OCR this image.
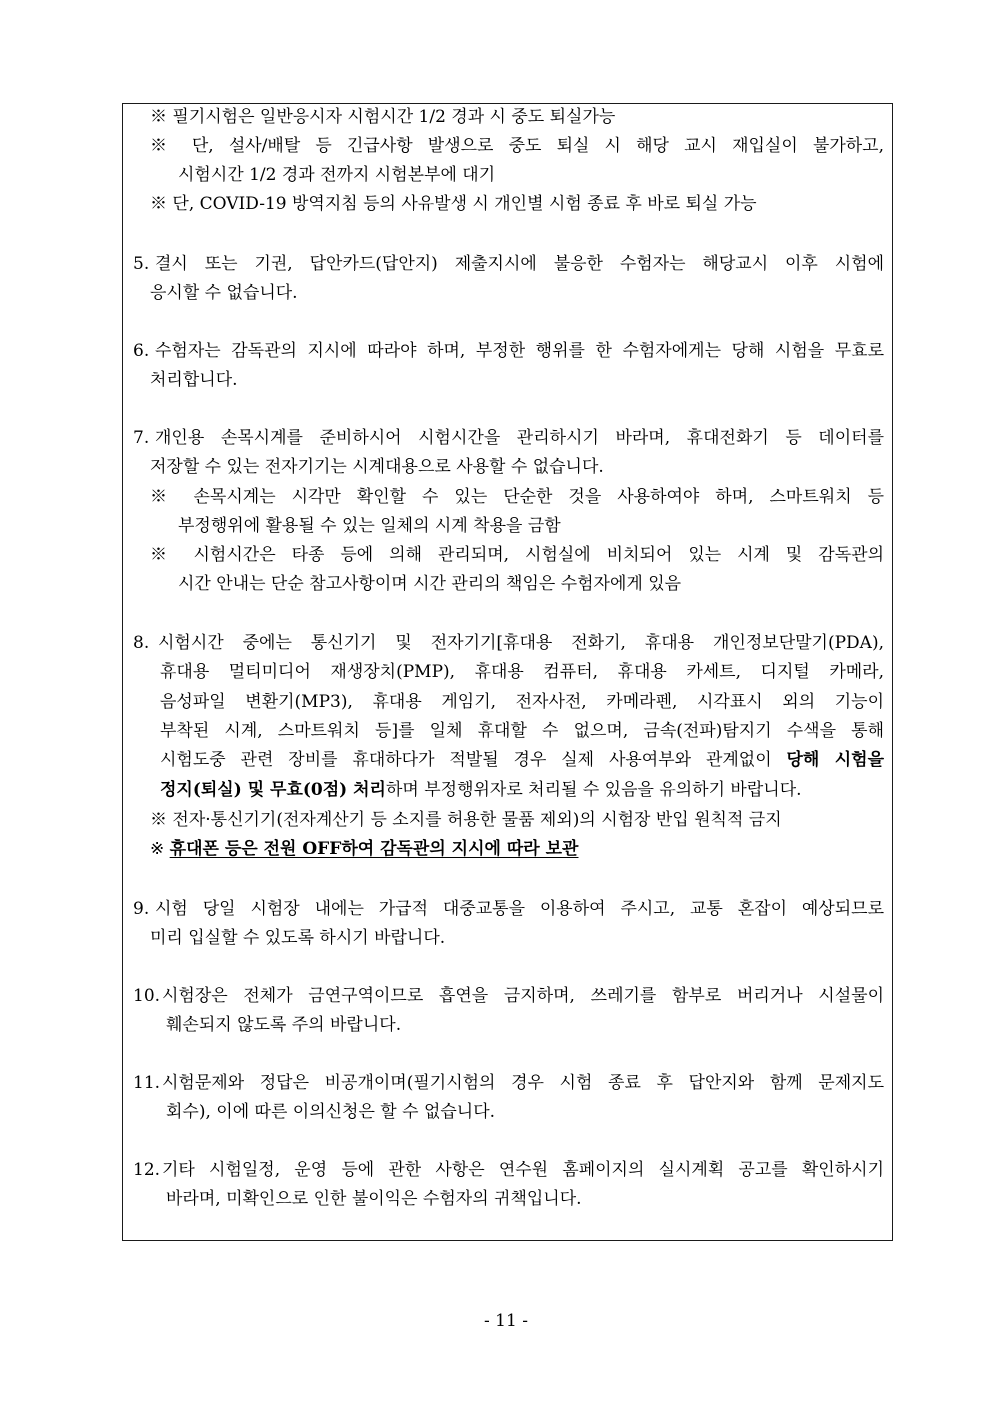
※ 필기시험은 일반응시자 시험시간 1/2 경과 시 중도 퇴실가능
※ 단, 설사/배탈 등 긴급사항 발생으로 중도 퇴실 시 해당 교시 재입실이 불가하고,
시험시간 1/2 경과 전까지 시험본부에 대기
※ 단, COVID-19 방역지침 등의 사유발생 시 개인별 시험 종료 후 바로 퇴실 가능
5. 결시 또는 기권, 답안카드(답안지) 제출지시에 불응한 수험자는 해당교시 이후 시험에
응시할 수 없습니다.
6. 수험자는 감독관의 지시에 따라야 하며, 부정한 행위를 한 수험자에게는 당해 시험을 무효로
처리합니다.
7. 개인용 손목시계를 준비하시어 시험시간을 관리하시기 바라며, 휴대전화기 등 데이터를
저장할 수 있는 전자기기는 시계대용으로 사용할 수 없습니다.
※ 손목시계는 시각만 확인할 수 있는 단순한 것을 사용하여야 하며, 스마트워치 등
부정행위에 활용될 수 있는 일체의 시계 착용을 금함
※ 시험시간은 타종 등에 의해 관리되며, 시험실에 비치되어 있는 시계 및 감독관의
시간 안내는 단순 참고사항이며 시간 관리의 책임은 수험자에게 있음
8. 시험시간 중에는 통신기기 및 전자기기[휴대용 전화기, 휴대용 개인정보단말기(PDA),
휴대용 멀티미디어 재생장치(PMP), 휴대용 컴퓨터, 휴대용 카세트, 디지털 카메라,
음성파일 변환기(MP3), 휴대용 게임기, 전자사전, 카메라펜, 시각표시 외의 기능이
부착된 시계, 스마트워치 등]를 일체 휴대할 수 없으며, 금속(전파)탐지기 수색을 통해
시험도중 관련 장비를 휴대하다가 적발될 경우 실제 사용여부와 관계없이 당해 시험을
정지(퇴실) 및 무효(0점) 처리하며 부정행위자로 처리될 수 있음을 유의하기 바랍니다.
※ 전자·통신기기(전자계산기 등 소지를 허용한 물품 제외)의 시험장 반입 원칙적 금지
※ 휴대폰 등은 전원 OFF하여 감독관의 지시에 따라 보관
9. 시험 당일 시험장 내에는 가급적 대중교통을 이용하여 주시고, 교통 혼잡이 예상되므로
미리 입실할 수 있도록 하시기 바랍니다.
10. 시험장은 전체가 금연구역이므로 흡연을 금지하며, 쓰레기를 함부로 버리거나 시설물이
훼손되지 않도록 주의 바랍니다.
11. 시험문제와 정답은 비공개이며(필기시험의 경우 시험 종료 후 답안지와 함께 문제지도
회수), 이에 따른 이의신청은 할 수 없습니다.
12. 기타 시험일정, 운영 등에 관한 사항은 연수원 홈페이지의 실시계획 공고를 확인하시기
바라며, 미확인으로 인한 불이익은 수험자의 귀책입니다.
- 11 -
